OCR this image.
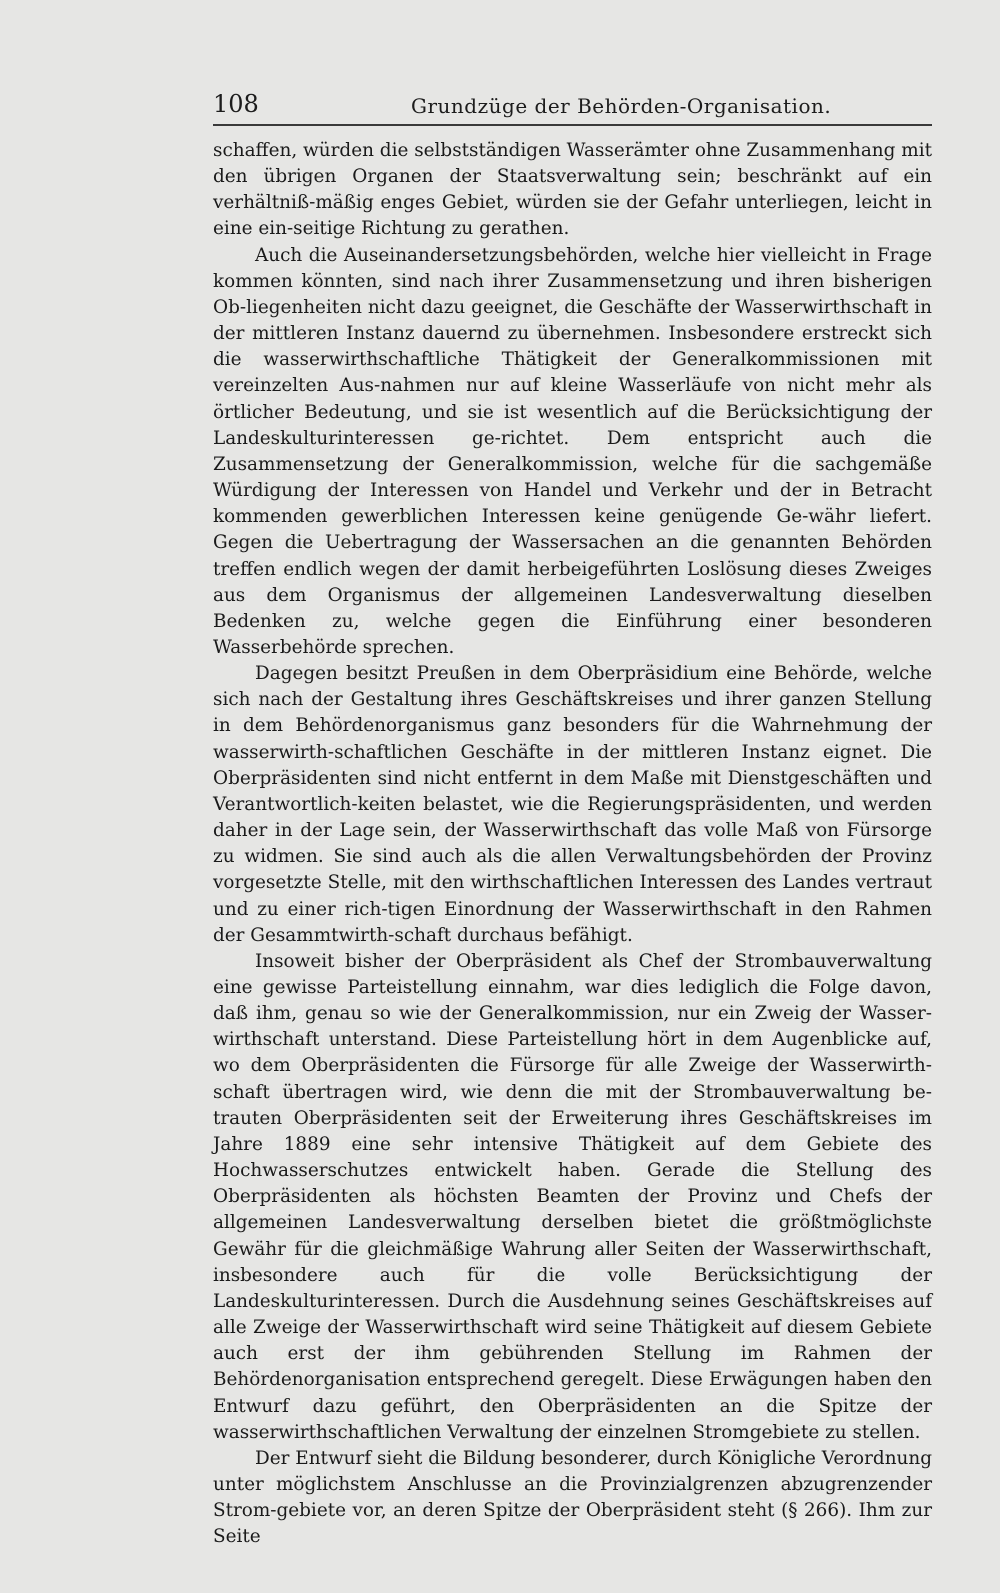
108	Grundzüge der Behörden-Organisation.

schaffen, würden die selbstständigen Wasserämter ohne Zusammenhang mit den übrigen Organen der Staatsverwaltung sein; beschränkt auf ein verhältniß-mäßig enges Gebiet, würden sie der Gefahr unterliegen, leicht in eine ein-seitige Richtung zu gerathen.

Auch die Auseinandersetzungsbehörden, welche hier vielleicht in Frage kommen könnten, sind nach ihrer Zusammensetzung und ihren bisherigen Ob-liegenheiten nicht dazu geeignet, die Geschäfte der Wasserwirthschaft in der mittleren Instanz dauernd zu übernehmen. Insbesondere erstreckt sich die wasserwirthschaftliche Thätigkeit der Generalkommissionen mit vereinzelten Aus-nahmen nur auf kleine Wasserläufe von nicht mehr als örtlicher Bedeutung, und sie ist wesentlich auf die Berücksichtigung der Landeskulturinteressen ge-richtet. Dem entspricht auch die Zusammensetzung der Generalkommission, welche für die sachgemäße Würdigung der Interessen von Handel und Verkehr und der in Betracht kommenden gewerblichen Interessen keine genügende Ge-währ liefert. Gegen die Uebertragung der Wassersachen an die genannten Behörden treffen endlich wegen der damit herbeigeführten Loslösung dieses Zweiges aus dem Organismus der allgemeinen Landesverwaltung dieselben Bedenken zu, welche gegen die Einführung einer besonderen Wasserbehörde sprechen.

Dagegen besitzt Preußen in dem Oberpräsidium eine Behörde, welche sich nach der Gestaltung ihres Geschäftskreises und ihrer ganzen Stellung in dem Behördenorganismus ganz besonders für die Wahrnehmung der wasserwirth-schaftlichen Geschäfte in der mittleren Instanz eignet. Die Oberpräsidenten sind nicht entfernt in dem Maße mit Dienstgeschäften und Verantwortlich-keiten belastet, wie die Regierungspräsidenten, und werden daher in der Lage sein, der Wasserwirthschaft das volle Maß von Fürsorge zu widmen. Sie sind auch als die allen Verwaltungsbehörden der Provinz vorgesetzte Stelle, mit den wirthschaftlichen Interessen des Landes vertraut und zu einer rich-tigen Einordnung der Wasserwirthschaft in den Rahmen der Gesammtwirth-schaft durchaus befähigt.

Insoweit bisher der Oberpräsident als Chef der Strombauverwaltung eine gewisse Parteistellung einnahm, war dies lediglich die Folge davon, daß ihm, genau so wie der Generalkommission, nur ein Zweig der Wasser-wirthschaft unterstand. Diese Parteistellung hört in dem Augenblicke auf, wo dem Oberpräsidenten die Fürsorge für alle Zweige der Wasserwirth-schaft übertragen wird, wie denn die mit der Strombauverwaltung be-trauten Oberpräsidenten seit der Erweiterung ihres Geschäftskreises im Jahre 1889 eine sehr intensive Thätigkeit auf dem Gebiete des Hochwasserschutzes entwickelt haben. Gerade die Stellung des Oberpräsidenten als höchsten Beamten der Provinz und Chefs der allgemeinen Landesverwaltung derselben bietet die größtmöglichste Gewähr für die gleichmäßige Wahrung aller Seiten der Wasserwirthschaft, insbesondere auch für die volle Berücksichtigung der Landeskulturinteressen. Durch die Ausdehnung seines Geschäftskreises auf alle Zweige der Wasserwirthschaft wird seine Thätigkeit auf diesem Gebiete auch erst der ihm gebührenden Stellung im Rahmen der Behördenorganisation entsprechend geregelt. Diese Erwägungen haben den Entwurf dazu geführt, den Oberpräsidenten an die Spitze der wasserwirthschaftlichen Verwaltung der einzelnen Stromgebiete zu stellen.

Der Entwurf sieht die Bildung besonderer, durch Königliche Verordnung unter möglichstem Anschlusse an die Provinzialgrenzen abzugrenzender Strom-gebiete vor, an deren Spitze der Oberpräsident steht (§ 266). Ihm zur Seite
